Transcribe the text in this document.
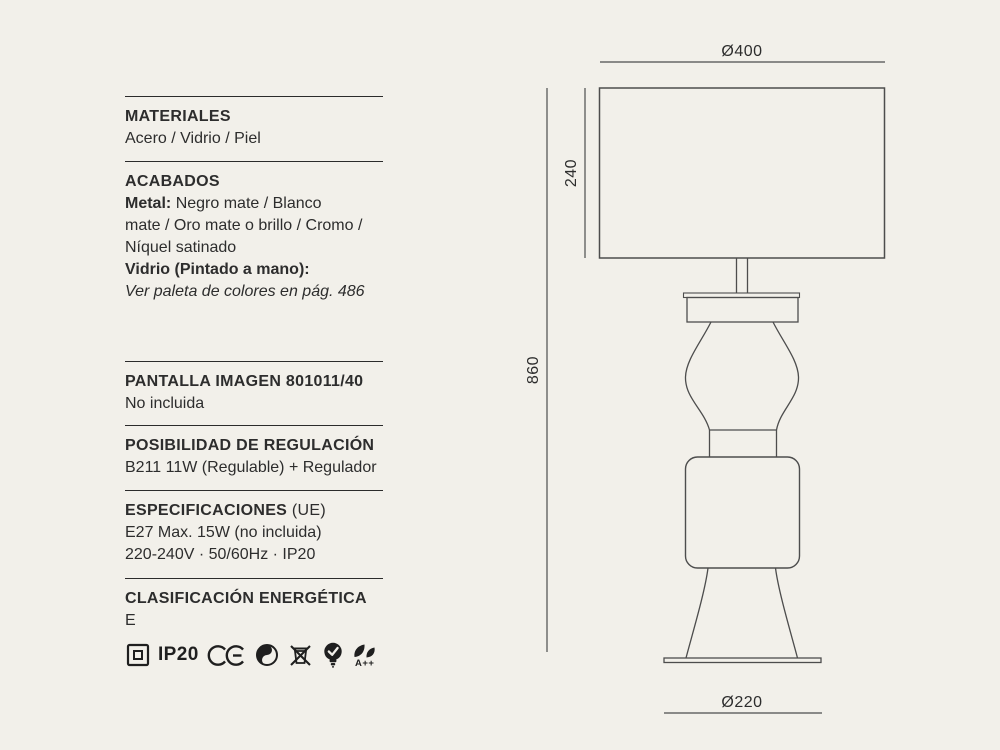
MATERIALES

Acero / Vidrio / Piel

ACABADOS

Metal: Negro mate / Blanco

mate / Oro mate o brillo / Cromo /

Níquel satinado

Vidrio (Pintado a mano):

Ver paleta de colores en pág. 486

PANTALLA IMAGEN 801011/40

No incluida

POSIBILIDAD DE REGULACIÓN

B211 11W (Regulable) + Regulador

ESPECIFICACIONES (UE)

E27 Max. 15W (no incluida)

220-240V · 50/60Hz · IP20

CLASIFICACIÓN ENERGÉTICA

E

IP20	A++
Ø400
240
860
Ø220
